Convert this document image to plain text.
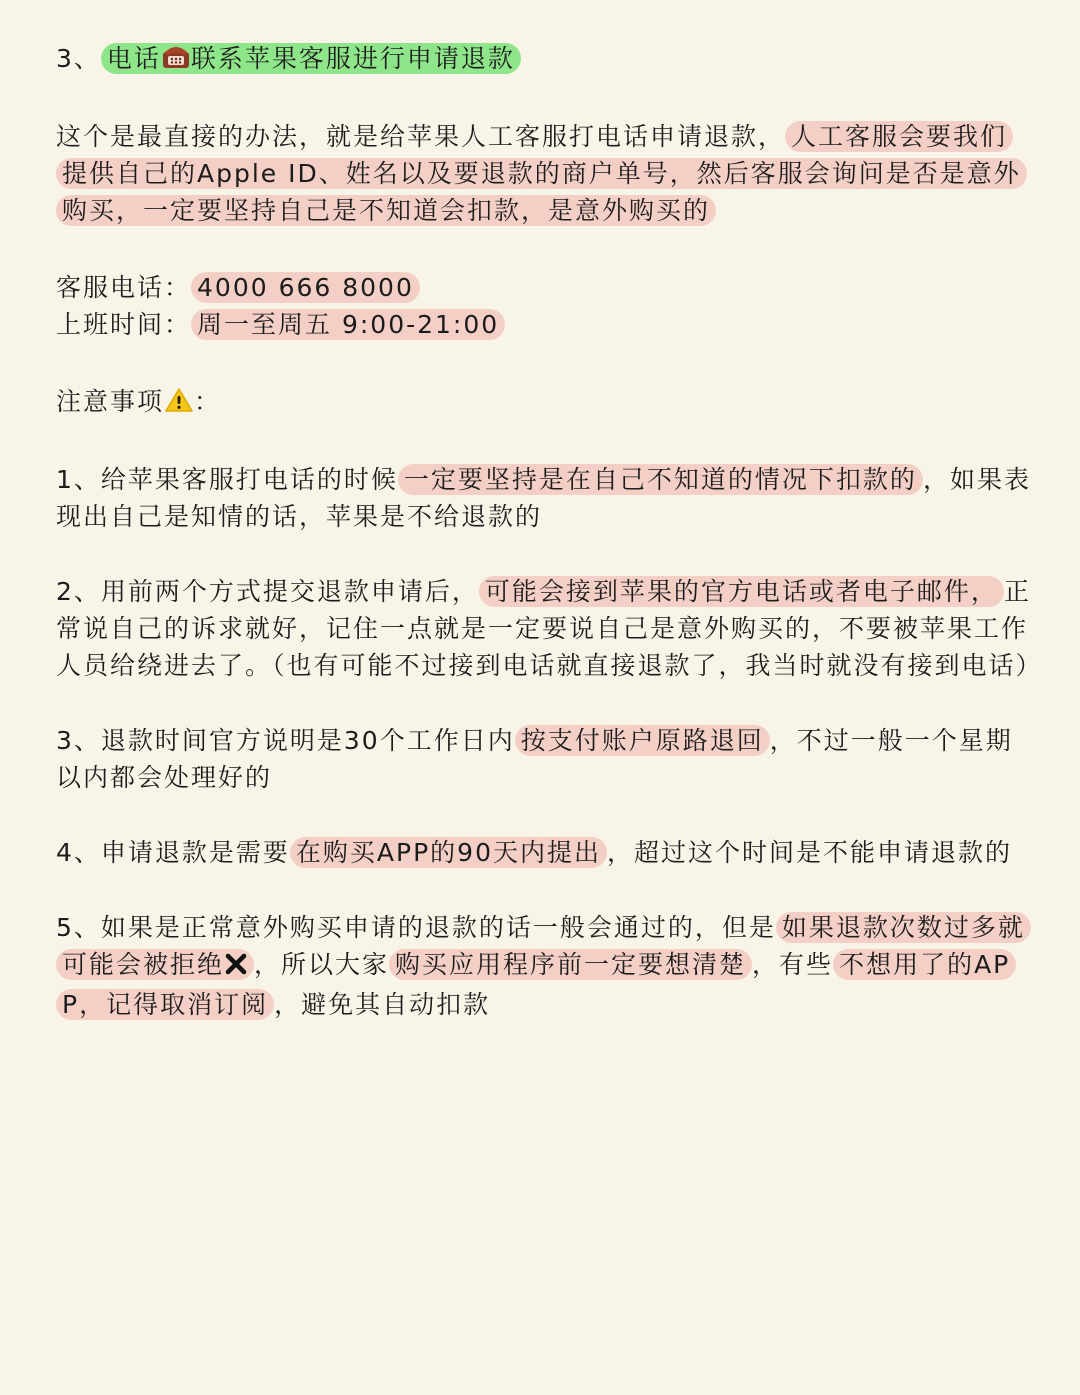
3、 电话 联系苹果客服进行申请退款

这个是最直接的办法，就是给苹果人工客服打电话申请退款， 人工客服会要我们提供自己的Apple ID、姓名以及要退款的商户单号，然后客服会询问是否是意外购买，一定要坚持自己是不知道会扣款，是意外购买的

客服电话： 4000 666 8000
上班时间： 周一至周五 9:00-21:00

注意事项 ：

1、给苹果客服打电话的时候 一定要坚持是在自己不知道的情况下扣款的 ，如果表现出自己是知情的话，苹果是不给退款的

2、用前两个方式提交退款申请后， 可能会接到苹果的官方电话或者电子邮件， 正常说自己的诉求就好，记住一点就是一定要说自己是意外购买的，不要被苹果工作人员给绕进去了。（也有可能不过接到电话就直接退款了，我当时就没有接到电话）

3、退款时间官方说明是30个工作日内 按支付账户原路退回 ，不过一般一个星期以内都会处理好的

4、申请退款是需要 在购买APP的90天内提出 ，超过这个时间是不能申请退款的

5、如果是正常意外购买申请的退款的话一般会通过的，但是 如果退款次数过多就可能会被拒绝 ，所以大家 购买应用程序前一定要想清楚 ，有些 不想用了的APP，记得取消订阅 ，避免其自动扣款
